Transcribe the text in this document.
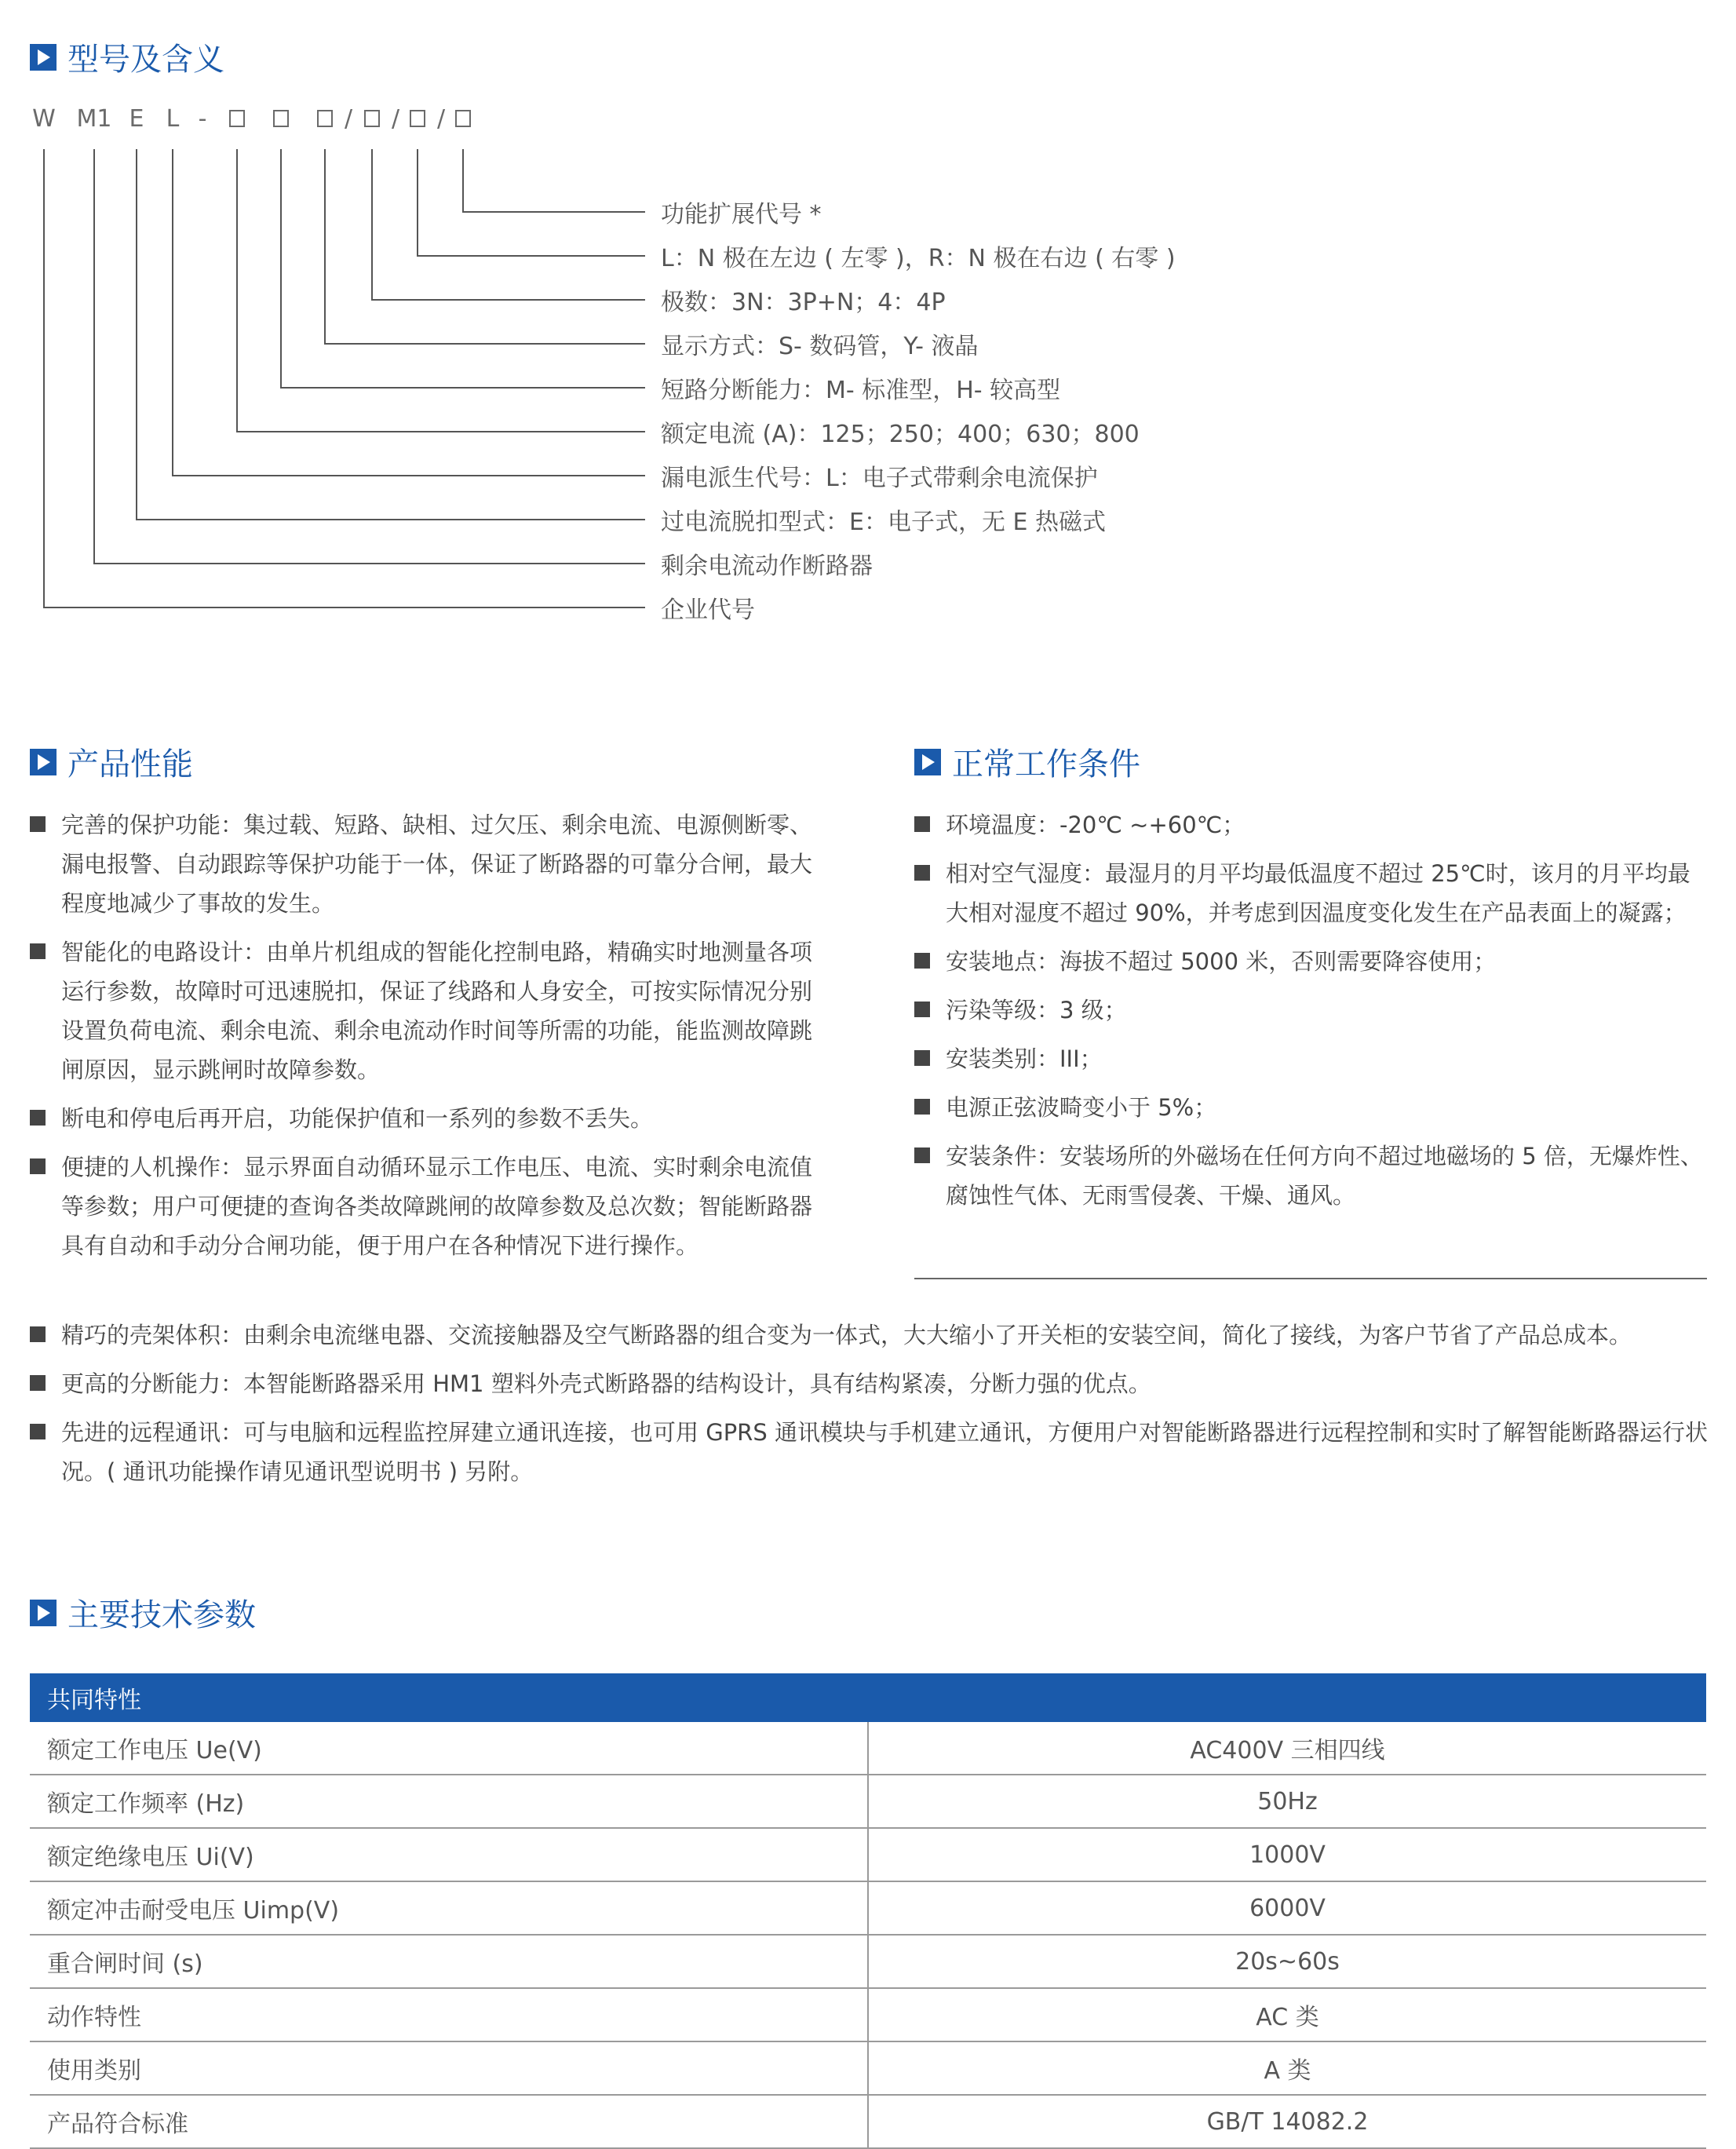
型号及含义
W M1 E L -	/ / /
功能扩展代号 *
L：N 极在左边 ( 左零 )，R：N 极在右边 ( 右零 )
极数：3N：3P+N；4：4P
显示方式：S- 数码管，Y- 液晶
短路分断能力：M- 标准型，H- 较高型
额定电流 (A)：125；250；400；630；800
漏电派生代号：L：电子式带剩余电流保护
过电流脱扣型式：E：电子式，无 E 热磁式
剩余电流动作断路器
企业代号
产品性能
完善的保护功能：集过载、短路、缺相、过欠压、剩余电流、电源侧断零、漏电报警、自动跟踪等保护功能于一体，保证了断路器的可靠分合闸，最大程度地减少了事故的发生。
智能化的电路设计：由单片机组成的智能化控制电路，精确实时地测量各项运行参数，故障时可迅速脱扣，保证了线路和人身安全，可按实际情况分别设置负荷电流、剩余电流、剩余电流动作时间等所需的功能，能监测故障跳闸原因，显示跳闸时故障参数。
断电和停电后再开启，功能保护值和一系列的参数不丢失。
便捷的人机操作：显示界面自动循环显示工作电压、电流、实时剩余电流值等参数；用户可便捷的查询各类故障跳闸的故障参数及总次数；智能断路器具有自动和手动分合闸功能，便于用户在各种情况下进行操作。
正常工作条件
环境温度：-20℃ ~+60℃；
相对空气湿度：最湿月的月平均最低温度不超过 25℃时，该月的月平均最大相对湿度不超过 90%，并考虑到因温度变化发生在产品表面上的凝露；
安装地点：海拔不超过 5000 米，否则需要降容使用；
污染等级：3 级；
安装类别：III；
电源正弦波畸变小于 5%；
安装条件：安装场所的外磁场在任何方向不超过地磁场的 5 倍，无爆炸性、腐蚀性气体、无雨雪侵袭、干燥、通风。
精巧的壳架体积：由剩余电流继电器、交流接触器及空气断路器的组合变为一体式，大大缩小了开关柜的安装空间，简化了接线，为客户节省了产品总成本。
更高的分断能力：本智能断路器采用 HM1 塑料外壳式断路器的结构设计，具有结构紧凑，分断力强的优点。
先进的远程通讯：可与电脑和远程监控屏建立通讯连接，也可用 GPRS 通讯模块与手机建立通讯，方便用户对智能断路器进行远程控制和实时了解智能断路器运行状况。( 通讯功能操作请见通讯型说明书 ) 另附。
主要技术参数
共同特性	
额定工作电压 Ue(V)	AC400V 三相四线
额定工作频率 (Hz)	50Hz
额定绝缘电压 Ui(V)	1000V
额定冲击耐受电压 Uimp(V)	6000V
重合闸时间 (s)	20s~60s
动作特性	AC 类
使用类别	A 类
产品符合标准	GB/T 14082.2
